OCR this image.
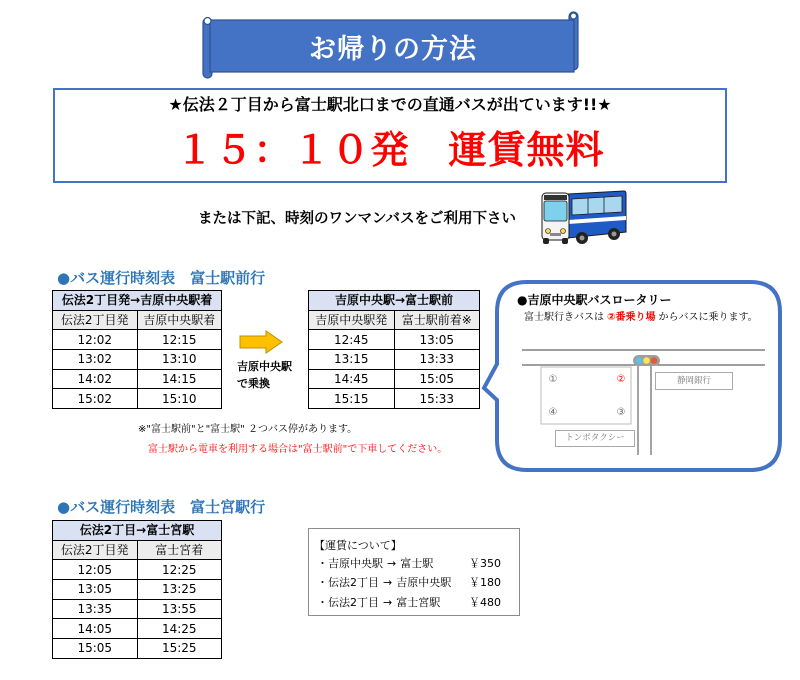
お帰りの方法
★伝法２丁目から富士駅北口までの直通バスが出ています!!★
１５：１０発　運賃無料
または下記、時刻のワンマンバスをご利用下さい
●バス運行時刻表　富士駅前行
伝法2丁目発→吉原中央駅着	
伝法2丁目発	吉原中央駅着
12:02	12:15
13:02	13:10
14:02	14:15
15:02	15:10
吉原中央駅
で乗換
吉原中央駅→富士駅前	
吉原中央駅発	富士駅前着※
12:45	13:05
13:15	13:33
14:45	15:05
15:15	15:33
※"富士駅前"と"富士駅" ２つバス停があります。
富士駅から電車を利用する場合は"富士駅前"で下車してください。
●吉原中央駅バスロータリー
富士駅行きバスは ②番乗り場 からバスに乗ります。
①	②
④	③
静岡銀行
トンボタクシー
●バス運行時刻表　富士宮駅行
伝法2丁目→富士宮駅	
伝法2丁目発	富士宮着
12:05	12:25
13:05	13:25
13:35	13:55
14:05	14:25
15:05	15:25
【運賃について】
・吉原中央駅 → 富士駅	￥350
・伝法2丁目 → 吉原中央駅 ￥180
・伝法2丁目 → 富士宮駅	￥480
